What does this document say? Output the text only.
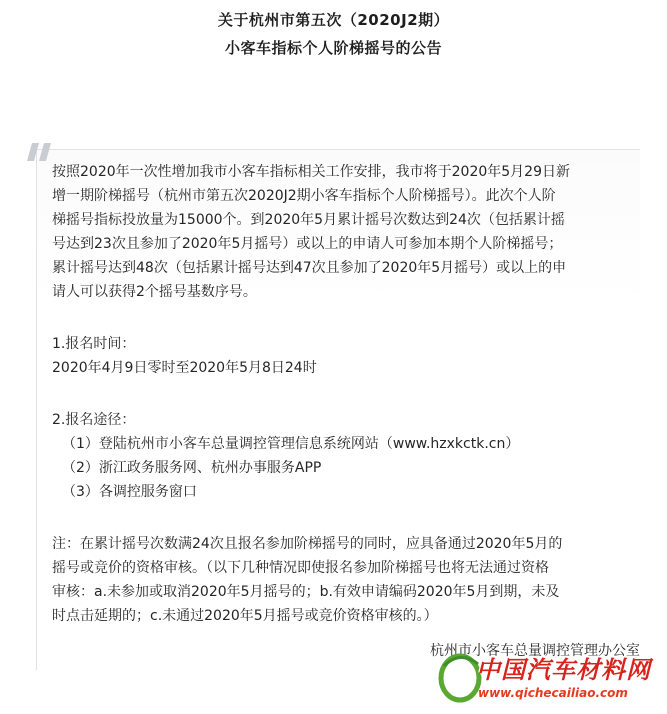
关于杭州市第五次（2020J2期）
小客车指标个人阶梯摇号的公告

按照2020年一次性增加我市小客车指标相关工作安排，我市将于2020年5月29日新

增一期阶梯摇号（杭州市第五次2020J2期小客车指标个人阶梯摇号）。此次个人阶

梯摇号指标投放量为15000个。到2020年5月累计摇号次数达到24次（包括累计摇

号达到23次且参加了2020年5月摇号）或以上的申请人可参加本期个人阶梯摇号；

累计摇号达到48次（包括累计摇号达到47次且参加了2020年5月摇号）或以上的申

请人可以获得2个摇号基数序号。

1.报名时间：

2020年4月9日零时至2020年5月8日24时

2.报名途径：

（1）登陆杭州市小客车总量调控管理信息系统网站（www.hzxkctk.cn）

（2）浙江政务服务网、杭州办事服务APP

（3）各调控服务窗口

注：在累计摇号次数满24次且报名参加阶梯摇号的同时，应具备通过2020年5月的

摇号或竞价的资格审核。（以下几种情况即使报名参加阶梯摇号也将无法通过资格

审核：a.未参加或取消2020年5月摇号的；b.有效申请编码2020年5月到期，未及

时点击延期的；c.未通过2020年5月摇号或竞价资格审核的。）

杭州市小客车总量调控管理办公室
中国汽车材料网
www.qichecailiao.com
